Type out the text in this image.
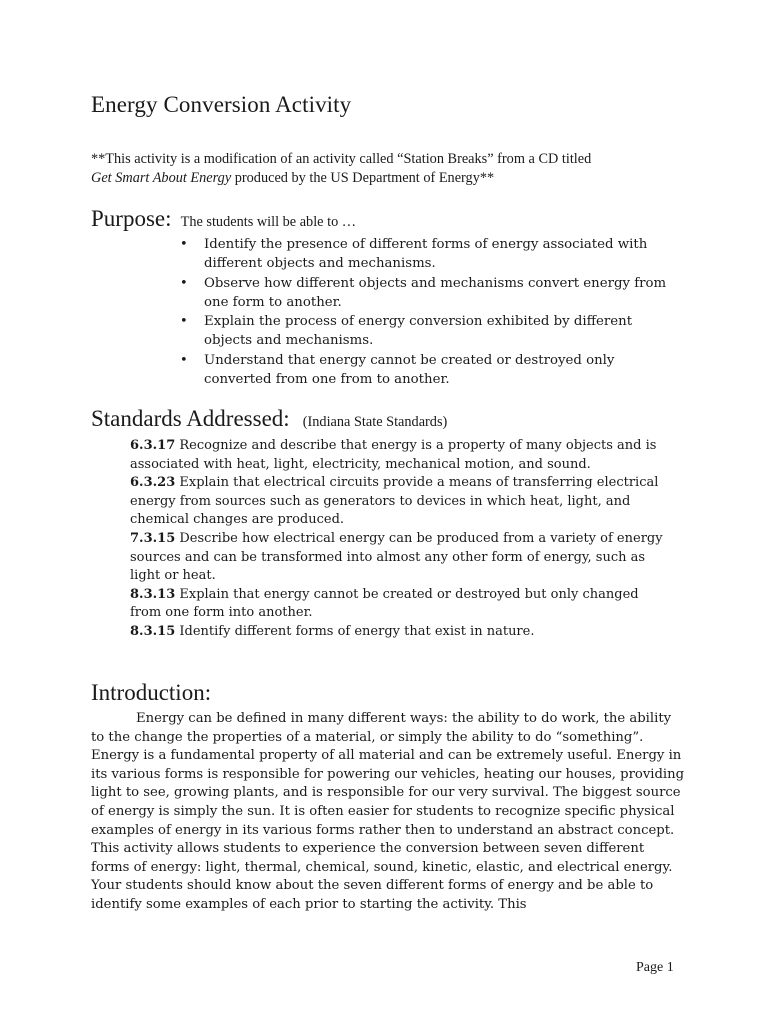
Energy Conversion Activity
**This activity is a modification of an activity called “Station Breaks” from a CD titled
Get Smart About Energy produced by the US Department of Energy**
Purpose: The students will be able to …
• Identify the presence of different forms of energy associated with different objects and mechanisms.
• Observe how different objects and mechanisms convert energy from one form to another.
• Explain the process of energy conversion exhibited by different objects and mechanisms.
• Understand that energy cannot be created or destroyed only converted from one from to another.
Standards Addressed: (Indiana State Standards)

6.3.17 Recognize and describe that energy is a property of many objects and is associated with heat, light, electricity, mechanical motion, and sound.

6.3.23 Explain that electrical circuits provide a means of transferring electrical energy from sources such as generators to devices in which heat, light, and chemical changes are produced.

7.3.15 Describe how electrical energy can be produced from a variety of energy sources and can be transformed into almost any other form of energy, such as light or heat.

8.3.13 Explain that energy cannot be created or destroyed but only changed from one form into another.

8.3.15 Identify different forms of energy that exist in nature.

Introduction:

Energy can be defined in many different ways: the ability to do work, the ability to the change the properties of a material, or simply the ability to do “something”. Energy is a fundamental property of all material and can be extremely useful. Energy in its various forms is responsible for powering our vehicles, heating our houses, providing light to see, growing plants, and is responsible for our very survival. The biggest source of energy is simply the sun. It is often easier for students to recognize specific physical examples of energy in its various forms rather then to understand an abstract concept. This activity allows students to experience the conversion between seven different forms of energy: light, thermal, chemical, sound, kinetic, elastic, and electrical energy. Your students should know about the seven different forms of energy and be able to identify some examples of each prior to starting the activity. This

Page 1
